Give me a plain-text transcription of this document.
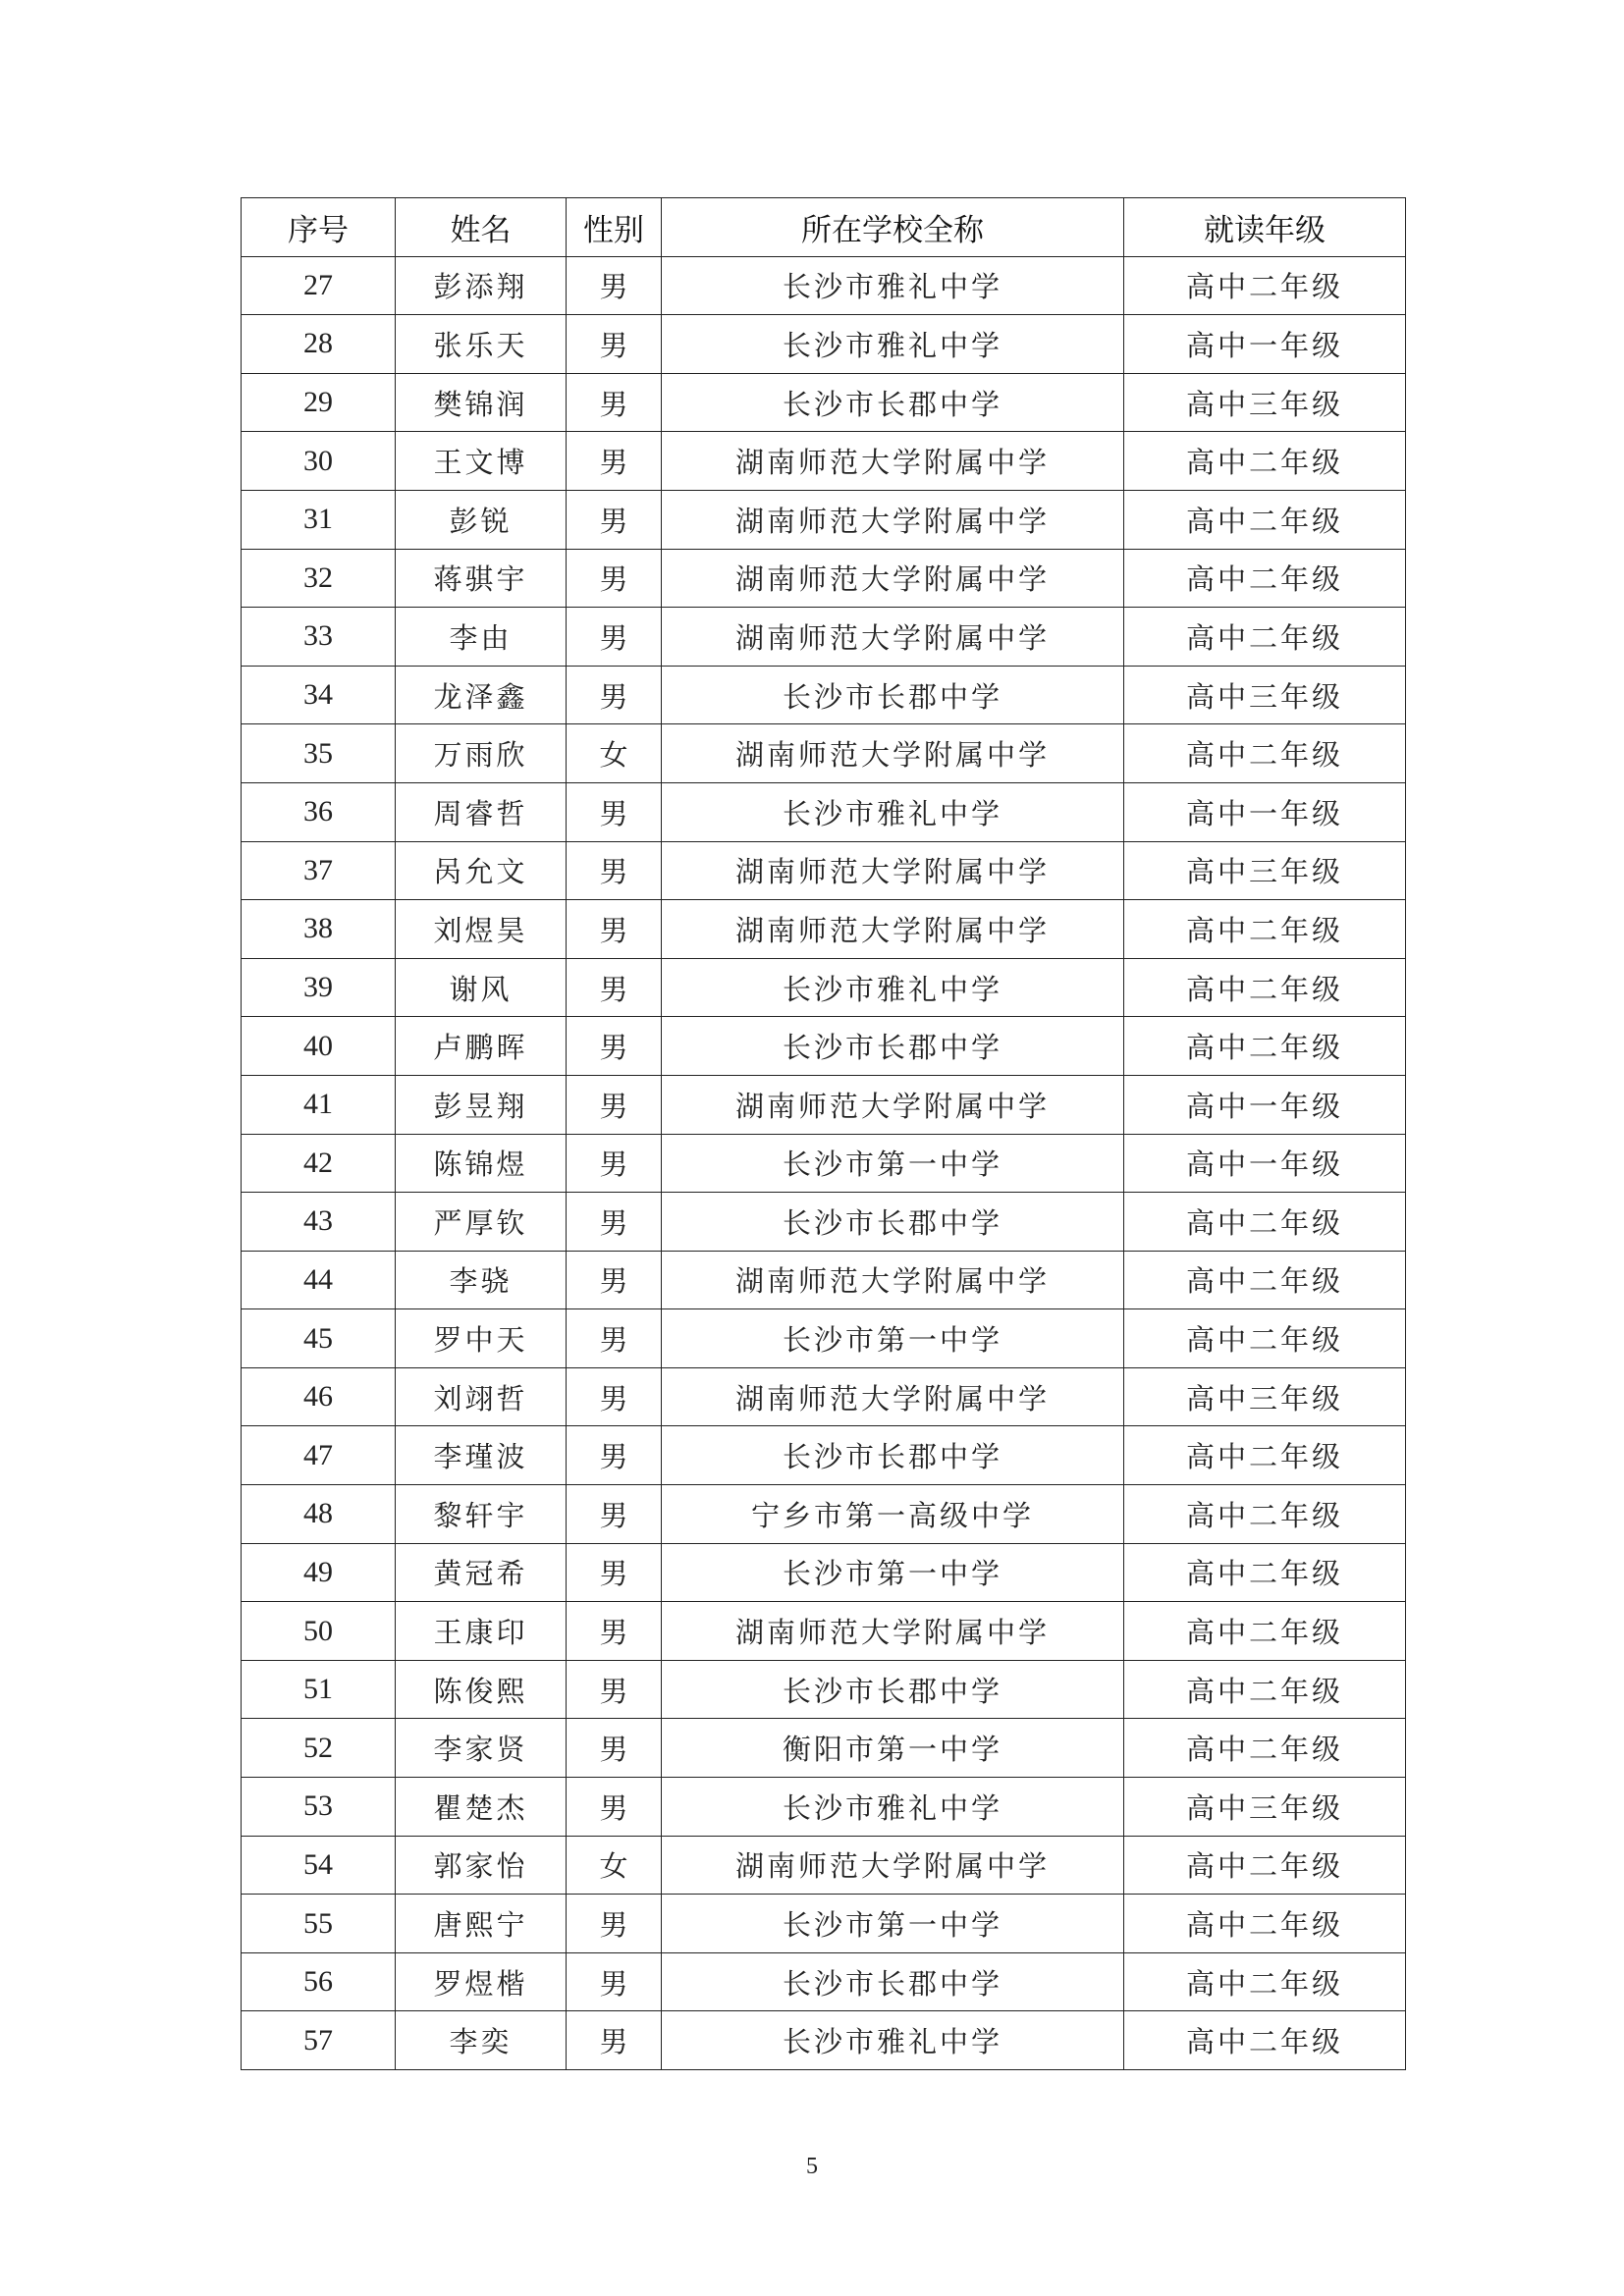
序号	姓名	性别	所在学校全称	就读年级
27	彭添翔	男	长沙市雅礼中学	高中二年级
28	张乐天	男	长沙市雅礼中学	高中一年级
29	樊锦润	男	长沙市长郡中学	高中三年级
30	王文博	男	湖南师范大学附属中学	高中二年级
31	彭锐	男	湖南师范大学附属中学	高中二年级
32	蒋骐宇	男	湖南师范大学附属中学	高中二年级
33	李由	男	湖南师范大学附属中学	高中二年级
34	龙泽鑫	男	长沙市长郡中学	高中三年级
35	万雨欣	女	湖南师范大学附属中学	高中二年级
36	周睿哲	男	长沙市雅礼中学	高中一年级
37	呙允文	男	湖南师范大学附属中学	高中三年级
38	刘煜昊	男	湖南师范大学附属中学	高中二年级
39	谢风	男	长沙市雅礼中学	高中二年级
40	卢鹏晖	男	长沙市长郡中学	高中二年级
41	彭昱翔	男	湖南师范大学附属中学	高中一年级
42	陈锦煜	男	长沙市第一中学	高中一年级
43	严厚钦	男	长沙市长郡中学	高中二年级
44	李骁	男	湖南师范大学附属中学	高中二年级
45	罗中天	男	长沙市第一中学	高中二年级
46	刘翊哲	男	湖南师范大学附属中学	高中三年级
47	李瑾波	男	长沙市长郡中学	高中二年级
48	黎轩宇	男	宁乡市第一高级中学	高中二年级
49	黄冠希	男	长沙市第一中学	高中二年级
50	王康印	男	湖南师范大学附属中学	高中二年级
51	陈俊熙	男	长沙市长郡中学	高中二年级
52	李家贤	男	衡阳市第一中学	高中二年级
53	瞿楚杰	男	长沙市雅礼中学	高中三年级
54	郭家怡	女	湖南师范大学附属中学	高中二年级
55	唐熙宁	男	长沙市第一中学	高中二年级
56	罗煜楷	男	长沙市长郡中学	高中二年级
57	李奕	男	长沙市雅礼中学	高中二年级
5
